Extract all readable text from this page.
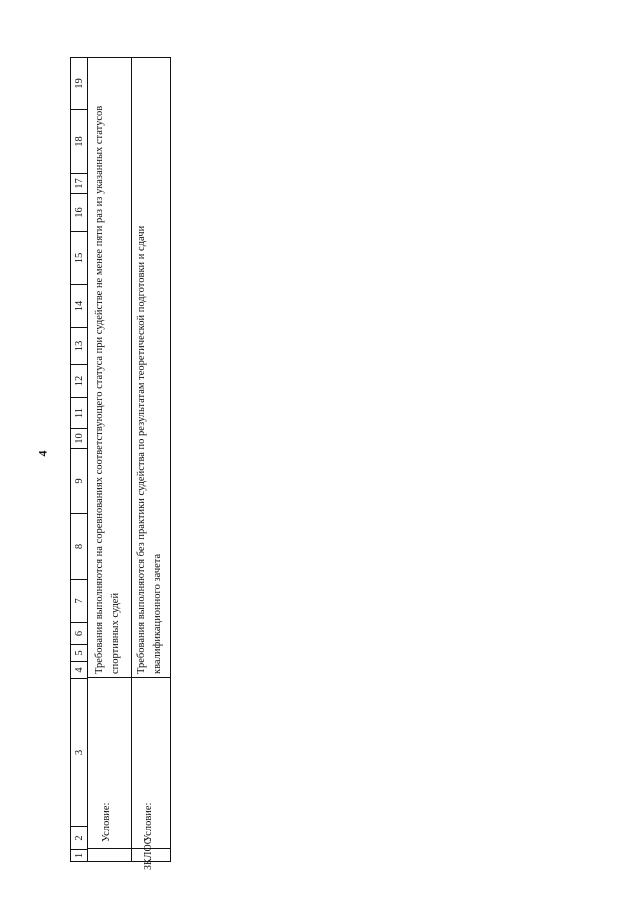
4
1
2
3
4
5
6
7
8
9
10
11
12
13
14
15
16
17
18
19
Условие:
Требования выполняются на соревнованиях соответствующего статуса при судействе не менее пяти раз из указанных статусов спортивных судей
ЗКЛОС
Условие:
Требования выполняются без практики судейства по результатам теоретической подготовки и сдачи квалификационного зачета
